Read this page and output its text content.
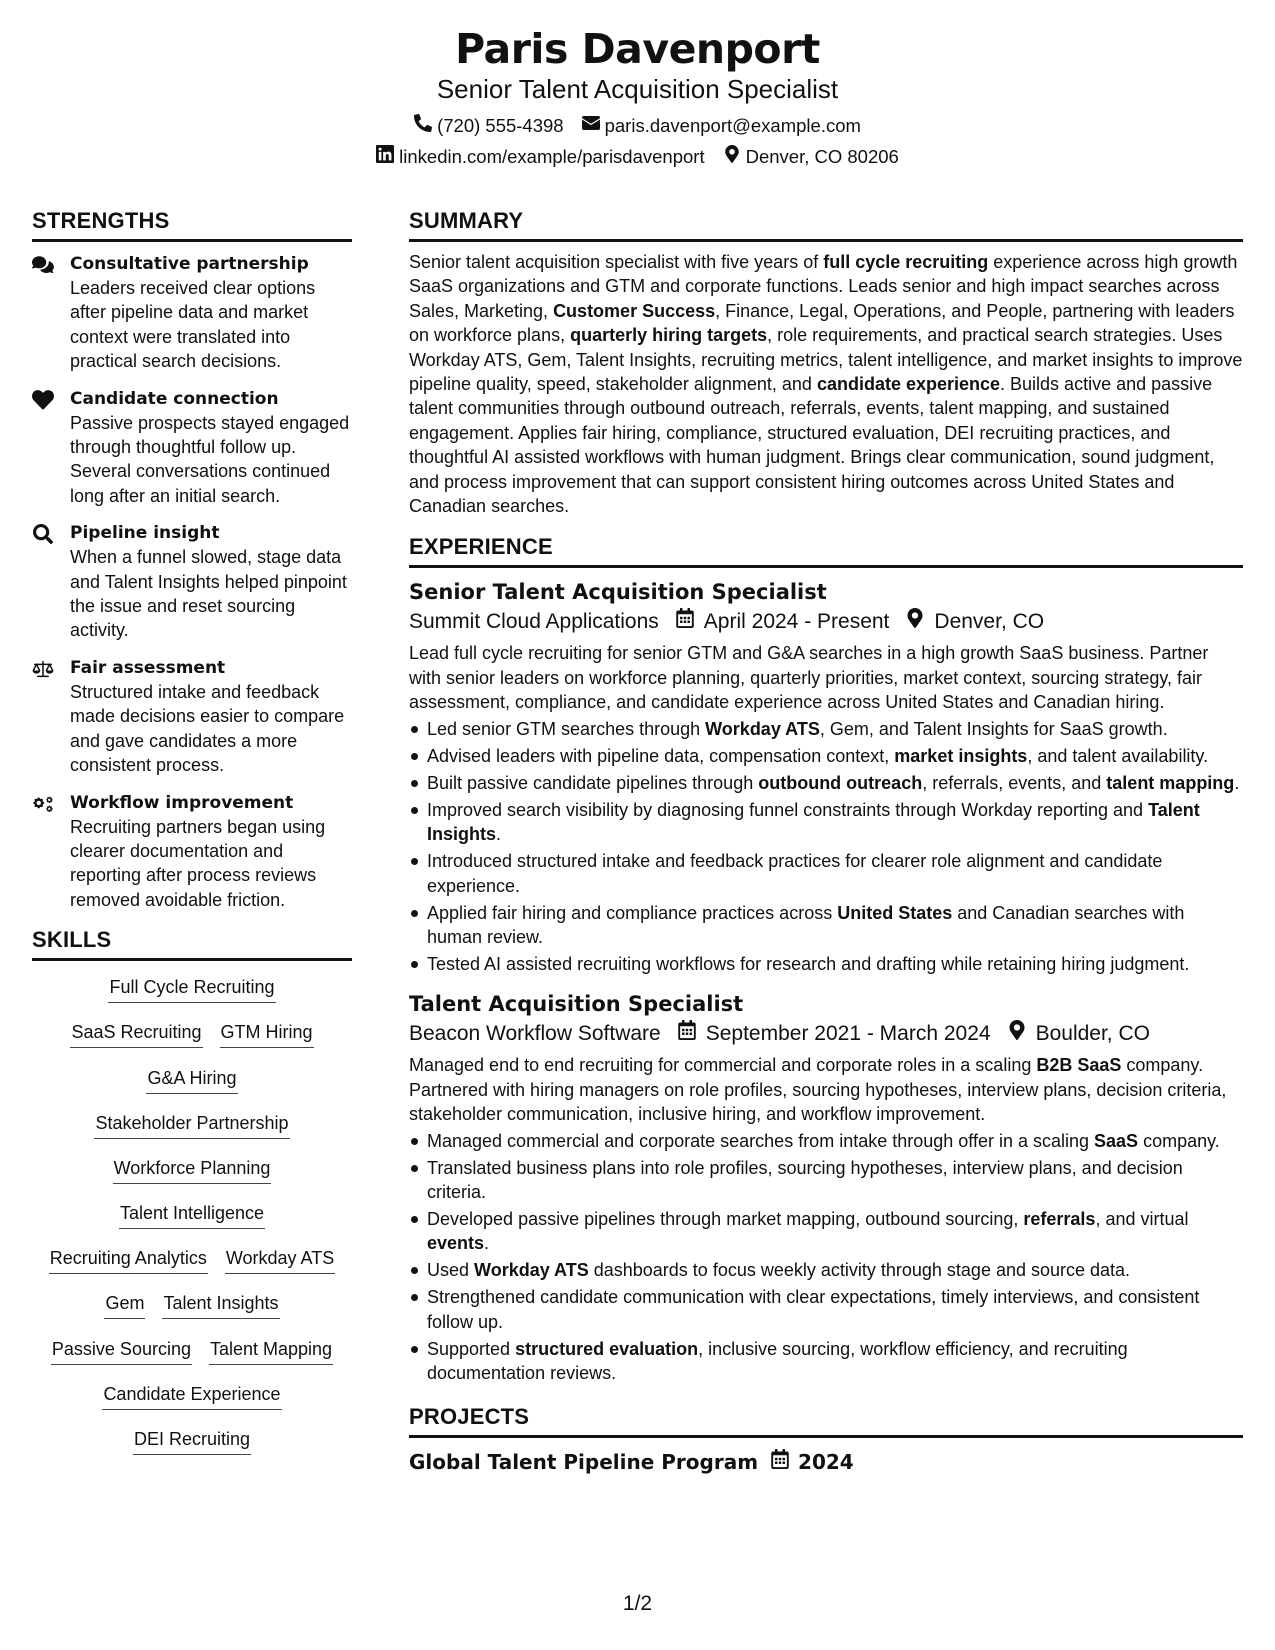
Paris Davenport
Senior Talent Acquisition Specialist
(720) 555-4398 paris.davenport@example.com
linkedin.com/example/parisdavenport Denver, CO 80206
STRENGTHS
Consultative partnership
Leaders received clear options after pipeline data and market context were translated into practical search decisions.
Candidate connection
Passive prospects stayed engaged through thoughtful follow up. Several conversations continued long after an initial search.
Pipeline insight
When a funnel slowed, stage data and Talent Insights helped pinpoint the issue and reset sourcing activity.
Fair assessment
Structured intake and feedback made decisions easier to compare and gave candidates a more consistent process.
Workflow improvement
Recruiting partners began using clearer documentation and reporting after process reviews removed avoidable friction.
SKILLS
Full Cycle Recruiting
SaaS Recruiting GTM Hiring
G&A Hiring
Stakeholder Partnership
Workforce Planning
Talent Intelligence
Recruiting Analytics Workday ATS
Gem Talent Insights
Passive Sourcing Talent Mapping
Candidate Experience
DEI Recruiting
SUMMARY
Senior talent acquisition specialist with five years of full cycle recruiting experience across high growth SaaS organizations and GTM and corporate functions. Leads senior and high impact searches across Sales, Marketing, Customer Success, Finance, Legal, Operations, and People, partnering with leaders on workforce plans, quarterly hiring targets, role requirements, and practical search strategies. Uses Workday ATS, Gem, Talent Insights, recruiting metrics, talent intelligence, and market insights to improve pipeline quality, speed, stakeholder alignment, and candidate experience. Builds active and passive talent communities through outbound outreach, referrals, events, talent mapping, and sustained engagement. Applies fair hiring, compliance, structured evaluation, DEI recruiting practices, and thoughtful AI assisted workflows with human judgment. Brings clear communication, sound judgment, and process improvement that can support consistent hiring outcomes across United States and Canadian searches.
EXPERIENCE
Senior Talent Acquisition Specialist
Summit Cloud Applications April 2024 - Present Denver, CO
Lead full cycle recruiting for senior GTM and G&A searches in a high growth SaaS business. Partner with senior leaders on workforce planning, quarterly priorities, market context, sourcing strategy, fair assessment, compliance, and candidate experience across United States and Canadian hiring.
Led senior GTM searches through Workday ATS, Gem, and Talent Insights for SaaS growth.
Advised leaders with pipeline data, compensation context, market insights, and talent availability.
Built passive candidate pipelines through outbound outreach, referrals, events, and talent mapping.
Improved search visibility by diagnosing funnel constraints through Workday reporting and Talent Insights.
Introduced structured intake and feedback practices for clearer role alignment and candidate experience.
Applied fair hiring and compliance practices across United States and Canadian searches with human review.
Tested AI assisted recruiting workflows for research and drafting while retaining hiring judgment.
Talent Acquisition Specialist
Beacon Workflow Software September 2021 - March 2024 Boulder, CO
Managed end to end recruiting for commercial and corporate roles in a scaling B2B SaaS company. Partnered with hiring managers on role profiles, sourcing hypotheses, interview plans, decision criteria, stakeholder communication, inclusive hiring, and workflow improvement.
Managed commercial and corporate searches from intake through offer in a scaling SaaS company.
Translated business plans into role profiles, sourcing hypotheses, interview plans, and decision criteria.
Developed passive pipelines through market mapping, outbound sourcing, referrals, and virtual events.
Used Workday ATS dashboards to focus weekly activity through stage and source data.
Strengthened candidate communication with clear expectations, timely interviews, and consistent follow up.
Supported structured evaluation, inclusive sourcing, workflow efficiency, and recruiting documentation reviews.
PROJECTS
Global Talent Pipeline Program 2024
1/2
